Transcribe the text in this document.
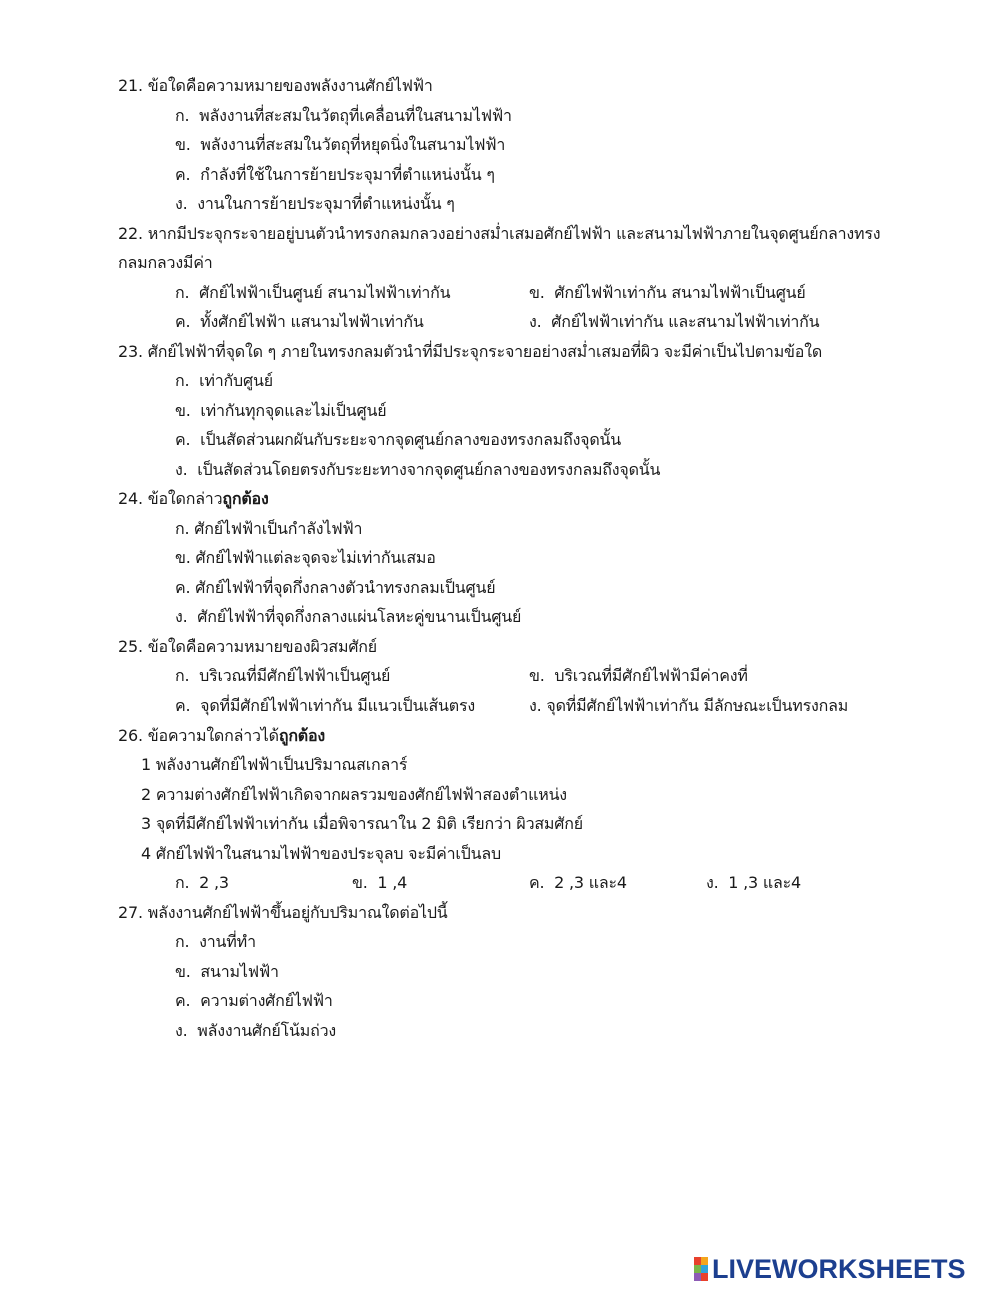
21. ข้อใดคือความหมายของพลังงานศักย์ไฟฟ้า
ก. พลังงานที่สะสมในวัตถุที่เคลื่อนที่ในสนามไฟฟ้า
ข. พลังงานที่สะสมในวัตถุที่หยุดนิ่งในสนามไฟฟ้า
ค. กำลังที่ใช้ในการย้ายประจุมาที่ตำแหน่งนั้น ๆ
ง. งานในการย้ายประจุมาที่ตำแหน่งนั้น ๆ
22. หากมีประจุกระจายอยู่บนตัวนำทรงกลมกลวงอย่างสม่ำเสมอศักย์ไฟฟ้า และสนามไฟฟ้าภายในจุดศูนย์กลางทรง
กลมกลวงมีค่า
ก. ศักย์ไฟฟ้าเป็นศูนย์ สนามไฟฟ้าเท่ากัน	ข. ศักย์ไฟฟ้าเท่ากัน สนามไฟฟ้าเป็นศูนย์
ค. ทั้งศักย์ไฟฟ้า แสนามไฟฟ้าเท่ากัน	ง. ศักย์ไฟฟ้าเท่ากัน และสนามไฟฟ้าเท่ากัน
23. ศักย์ไฟฟ้าที่จุดใด ๆ ภายในทรงกลมตัวนำที่มีประจุกระจายอย่างสม่ำเสมอที่ผิว จะมีค่าเป็นไปตามข้อใด
ก. เท่ากับศูนย์
ข. เท่ากันทุกจุดและไม่เป็นศูนย์
ค. เป็นสัดส่วนผกผันกับระยะจากจุดศูนย์กลางของทรงกลมถึงจุดนั้น
ง. เป็นสัดส่วนโดยตรงกับระยะทางจากจุดศูนย์กลางของทรงกลมถึงจุดนั้น
24. ข้อใดกล่าวถูกต้อง
ก. ศักย์ไฟฟ้าเป็นกำลังไฟฟ้า
ข. ศักย์ไฟฟ้าแต่ละจุดจะไม่เท่ากันเสมอ
ค. ศักย์ไฟฟ้าที่จุดกึ่งกลางตัวนำทรงกลมเป็นศูนย์
ง. ศักย์ไฟฟ้าที่จุดกึ่งกลางแผ่นโลหะคู่ขนานเป็นศูนย์
25. ข้อใดคือความหมายของผิวสมศักย์
ก. บริเวณที่มีศักย์ไฟฟ้าเป็นศูนย์	ข. บริเวณที่มีศักย์ไฟฟ้ามีค่าคงที่
ค. จุดที่มีศักย์ไฟฟ้าเท่ากัน มีแนวเป็นเส้นตรง	ง. จุดที่มีศักย์ไฟฟ้าเท่ากัน มีลักษณะเป็นทรงกลม
26. ข้อความใดกล่าวได้ถูกต้อง
1 พลังงานศักย์ไฟฟ้าเป็นปริมาณสเกลาร์
2 ความต่างศักย์ไฟฟ้าเกิดจากผลรวมของศักย์ไฟฟ้าสองตำแหน่ง
3 จุดที่มีศักย์ไฟฟ้าเท่ากัน เมื่อพิจารณาใน 2 มิติ เรียกว่า ผิวสมศักย์
4 ศักย์ไฟฟ้าในสนามไฟฟ้าของประจุลบ จะมีค่าเป็นลบ
ก. 2 ,3	ข. 1 ,4	ค. 2 ,3 และ4	ง. 1 ,3 และ4
27. พลังงานศักย์ไฟฟ้าขึ้นอยู่กับปริมาณใดต่อไปนี้
ก. งานที่ทำ
ข. สนามไฟฟ้า
ค. ความต่างศักย์ไฟฟ้า
ง. พลังงานศักย์โน้มถ่วง
LIVEWORKSHEETS
